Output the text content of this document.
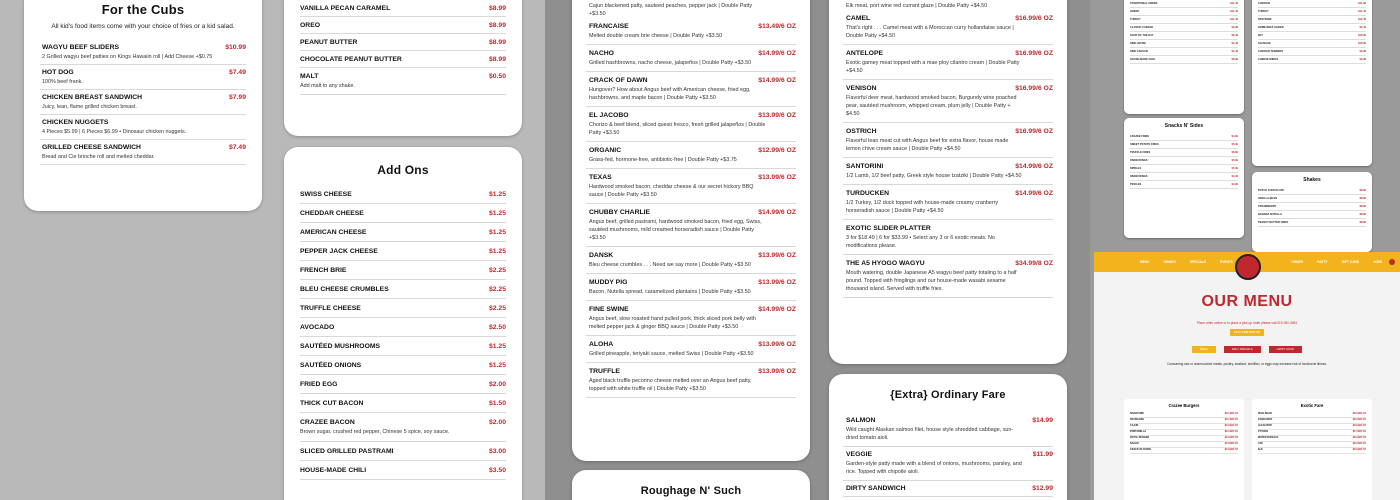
For the Cubs
All kid's food items come with your choice of fries or a kid salad.
WAGYU BEEF SLIDERS	$10.99
2 Grilled wagyu beef patties on Kings Hawaiin roll | Add Cheese +$0.75
HOT DOG	$7.49
100% beef frank.
CHICKEN BREAST SANDWICH	$7.99
Juicy, lean, flame grilled chicken breast.
CHICKEN NUGGETS
4 Pieces $5.99 | 6 Pieces $6.99 • Dinosaur chicken nuggets.
GRILLED CHEESE SANDWICH	$7.49
Bread and Cie brioche roll and melted cheddar.
VANILLA PECAN CARAMEL	$8.99
OREO	$8.99
PEANUT BUTTER	$8.99
CHOCOLATE PEANUT BUTTER	$8.99
MALT	$0.50
Add malt to any shake.
Add Ons
SWISS CHEESE	$1.25
CHEDDAR CHEESE	$1.25
AMERICAN CHEESE	$1.25
PEPPER JACK CHEESE	$1.25
FRENCH BRIE	$2.25
BLEU CHEESE CRUMBLES	$2.25
TRUFFLE CHEESE	$2.25
AVOCADO	$2.50
SAUTÉED MUSHROOMS	$1.25
SAUTÉED ONIONS	$1.25
FRIED EGG	$2.00
THICK CUT BACON	$1.50
CRAZEE BACON	$2.00
Brown sugar, crushed red pepper, Chinese 5 spice, soy sauce.
SLICED GRILLED PASTRAMI	$3.00
HOUSE-MADE CHILI	$3.50
Cajun blackened patty, sauteed peaches, pepper jack | Double Patty +$3.50
FRANCAISE	$13.49/6 OZ
Melted double cream brie cheese | Double Patty +$3.50
NACHO	$14.99/6 OZ
Grilled hashbrowns, nacho cheese, jalapeños | Double Patty +$3.50
CRACK OF DAWN	$14.99/6 OZ
Hungover? How about Angus beef with American cheese, fried egg, hashbrowns, and maple bacon | Double Patty +$3.50
EL JACOBO	$13.99/6 OZ
Chorizo & beef blend, sliced queso fresco, fresh grilled jalapeños | Double Patty +$3.50
ORGANIC	$12.99/6 OZ
Grass-fed, hormone-free, antibiotic-free | Double Patty +$3.75
TEXAS	$13.99/6 OZ
Hardwood smoked bacon, cheddar cheese & our secret hickory BBQ sauce | Double Patty +$3.50
CHUBBY CHARLIE	$14.99/6 OZ
Angus beef, grilled pastrami, hardwood smoked bacon, fried egg, Swiss, sautéed mushrooms, mild creamed horseradish sauce | Double Patty +$3.50
DANSK	$13.99/6 OZ
Bleu cheese crumbles . . . Need we say more | Double Patty +$3.50
MUDDY PIG	$13.99/6 OZ
Bacon, Nutella spread, caramelized plantains | Double Patty +$3.50
FINE SWINE	$14.99/6 OZ
Angus beef, slow roasted hand pulled pork, thick sliced pork belly with melted pepper jack & ginger BBQ sauce | Double Patty +$3.50
ALOHA	$13.99/6 OZ
Grilled pineapple, teriyaki sauce, melted Swiss | Double Patty +$3.50
TRUFFLE	$13.99/6 OZ
Aged black truffle pecorino cheese melted over an Angus beef patty, topped with white truffle oil | Double Patty +$3.50
Roughage N' Such
Elk meat, port wine red currant glaze | Double Patty +$4.50
CAMEL	$16.99/6 OZ
That's right . . . Camel meat with a Moroccan curry hollandaise sauce | Double Patty +$4.50
ANTELOPE	$16.99/6 OZ
Exotic gamey meat topped with a mae ploy cilantro cream | Double Patty +$4.50
VENISON	$16.99/6 OZ
Flavorful deer meat, hardwood smoked bacon, Burgundy wine poached pear, sautéed mushroom, whipped cream, plum jelly | Double Patty + $4.50
OSTRICH	$16.99/6 OZ
Flavorful lean meat cut with Angus beef for extra flavor, house made lemon chive cream sauce | Double Patty +$4.50
SANTORINI	$14.99/6 OZ
1/2 Lamb, 1/2 beef patty, Greek style house tzatziki | Double Patty +$4.50
TURDUCKEN	$14.99/6 OZ
1/2 Turkey, 1/2 duck topped with house-made creamy cranberry horseradish sauce | Double Patty +$4.50
EXOTIC SLIDER PLATTER
3 for $18.49 | 6 for $33.99 • Select any 3 or 6 exotic meats. No modifications please.
THE A5 HYOGO WAGYU	$34.99/8 OZ
Mouth watering, double Japanese A5 wagyu beef patty totaling to a half pound. Topped with fringlings and our house-made wasabi sesame thousand island. Served with truffle fries.
{Extra} Ordinary Fare
SALMON	$14.99
Wild caught Alaskan salmon filet, house style shredded cabbage, sun-dried tomato aioli.
VEGGIE	$11.99
Garden-style patty made with a blend of onions, mushrooms, parsley, and rice. Topped with chipotle aioli.
DIRTY SANDWICH	$12.99
TRADITIONAL GREEK	$11.49
GREEK	$11.49
TURKEY	$11.49
CLASSIC CAESAR	$9.99
SOUP OF THE DAY	$6.49
SIDE HOUSE	$4.49
SIDE CAESAR	$4.49
HOUSE-MADE CHILI	$6.99
CHICKEN	$11.99
TURKEY	$11.49
PASTRAMI	$12.49
HOME BEEF SLIDER	$3.49
BLT	$10.99
SAUSAGE	$10.99
CHICKEN TENDERS	$9.99
CHEESE WINGS	$9.99
Snacks N' Sides
CRAZEE FRIES	$4.99
SWEET POTATO FRIES	$5.49
TRUFFLE FRIES	$6.99
ONION RINGS	$5.99
SPIRALS	$5.49
ONION RINGS	$4.49
PICKLES	$4.99
Shakes
DUTCH CHOCOLATE	$8.99
VANILLA BEAN	$8.99
STRAWBERRY	$8.99
BANANA NUTELLA	$8.99
PEANUT BUTTER OREO	$8.99
MENU	DRINKS	SPECIALS	EVENTS	ORDER	PARTY	GIFT CARD	JOBS
OUR MENU
Place order online or to place a pick up order please call 619-280-4094
CALL FOR PICK UP
MENU	DAILY SPECIALS	HAPPY HOUR
Consuming raw or undercooked meats, poultry, seafood, shellfish, or eggs may increase risk of foodborne illness.
Crazee Burgers
SIGNATURE	$13.49/6 OZ
FRANCAISE	$13.49/6 OZ
CAJUN	$13.99/6 OZ
PORTABELLA	$13.49/6 OZ
ROYAL BURGER	$13.99/6 OZ
NACHO	$14.99/6 OZ
CRACK OF DAWN	$14.99/6 OZ
Exotic Fare
WILD BOAR	$16.99/6 OZ
KANGAROO	$16.99/6 OZ
ALLIGATOR	$16.99/6 OZ
PYTHON	$17.99/6 OZ
WATER BUFFALO	$16.99/6 OZ
YAK	$16.99/6 OZ
ELK	$16.99/6 OZ
